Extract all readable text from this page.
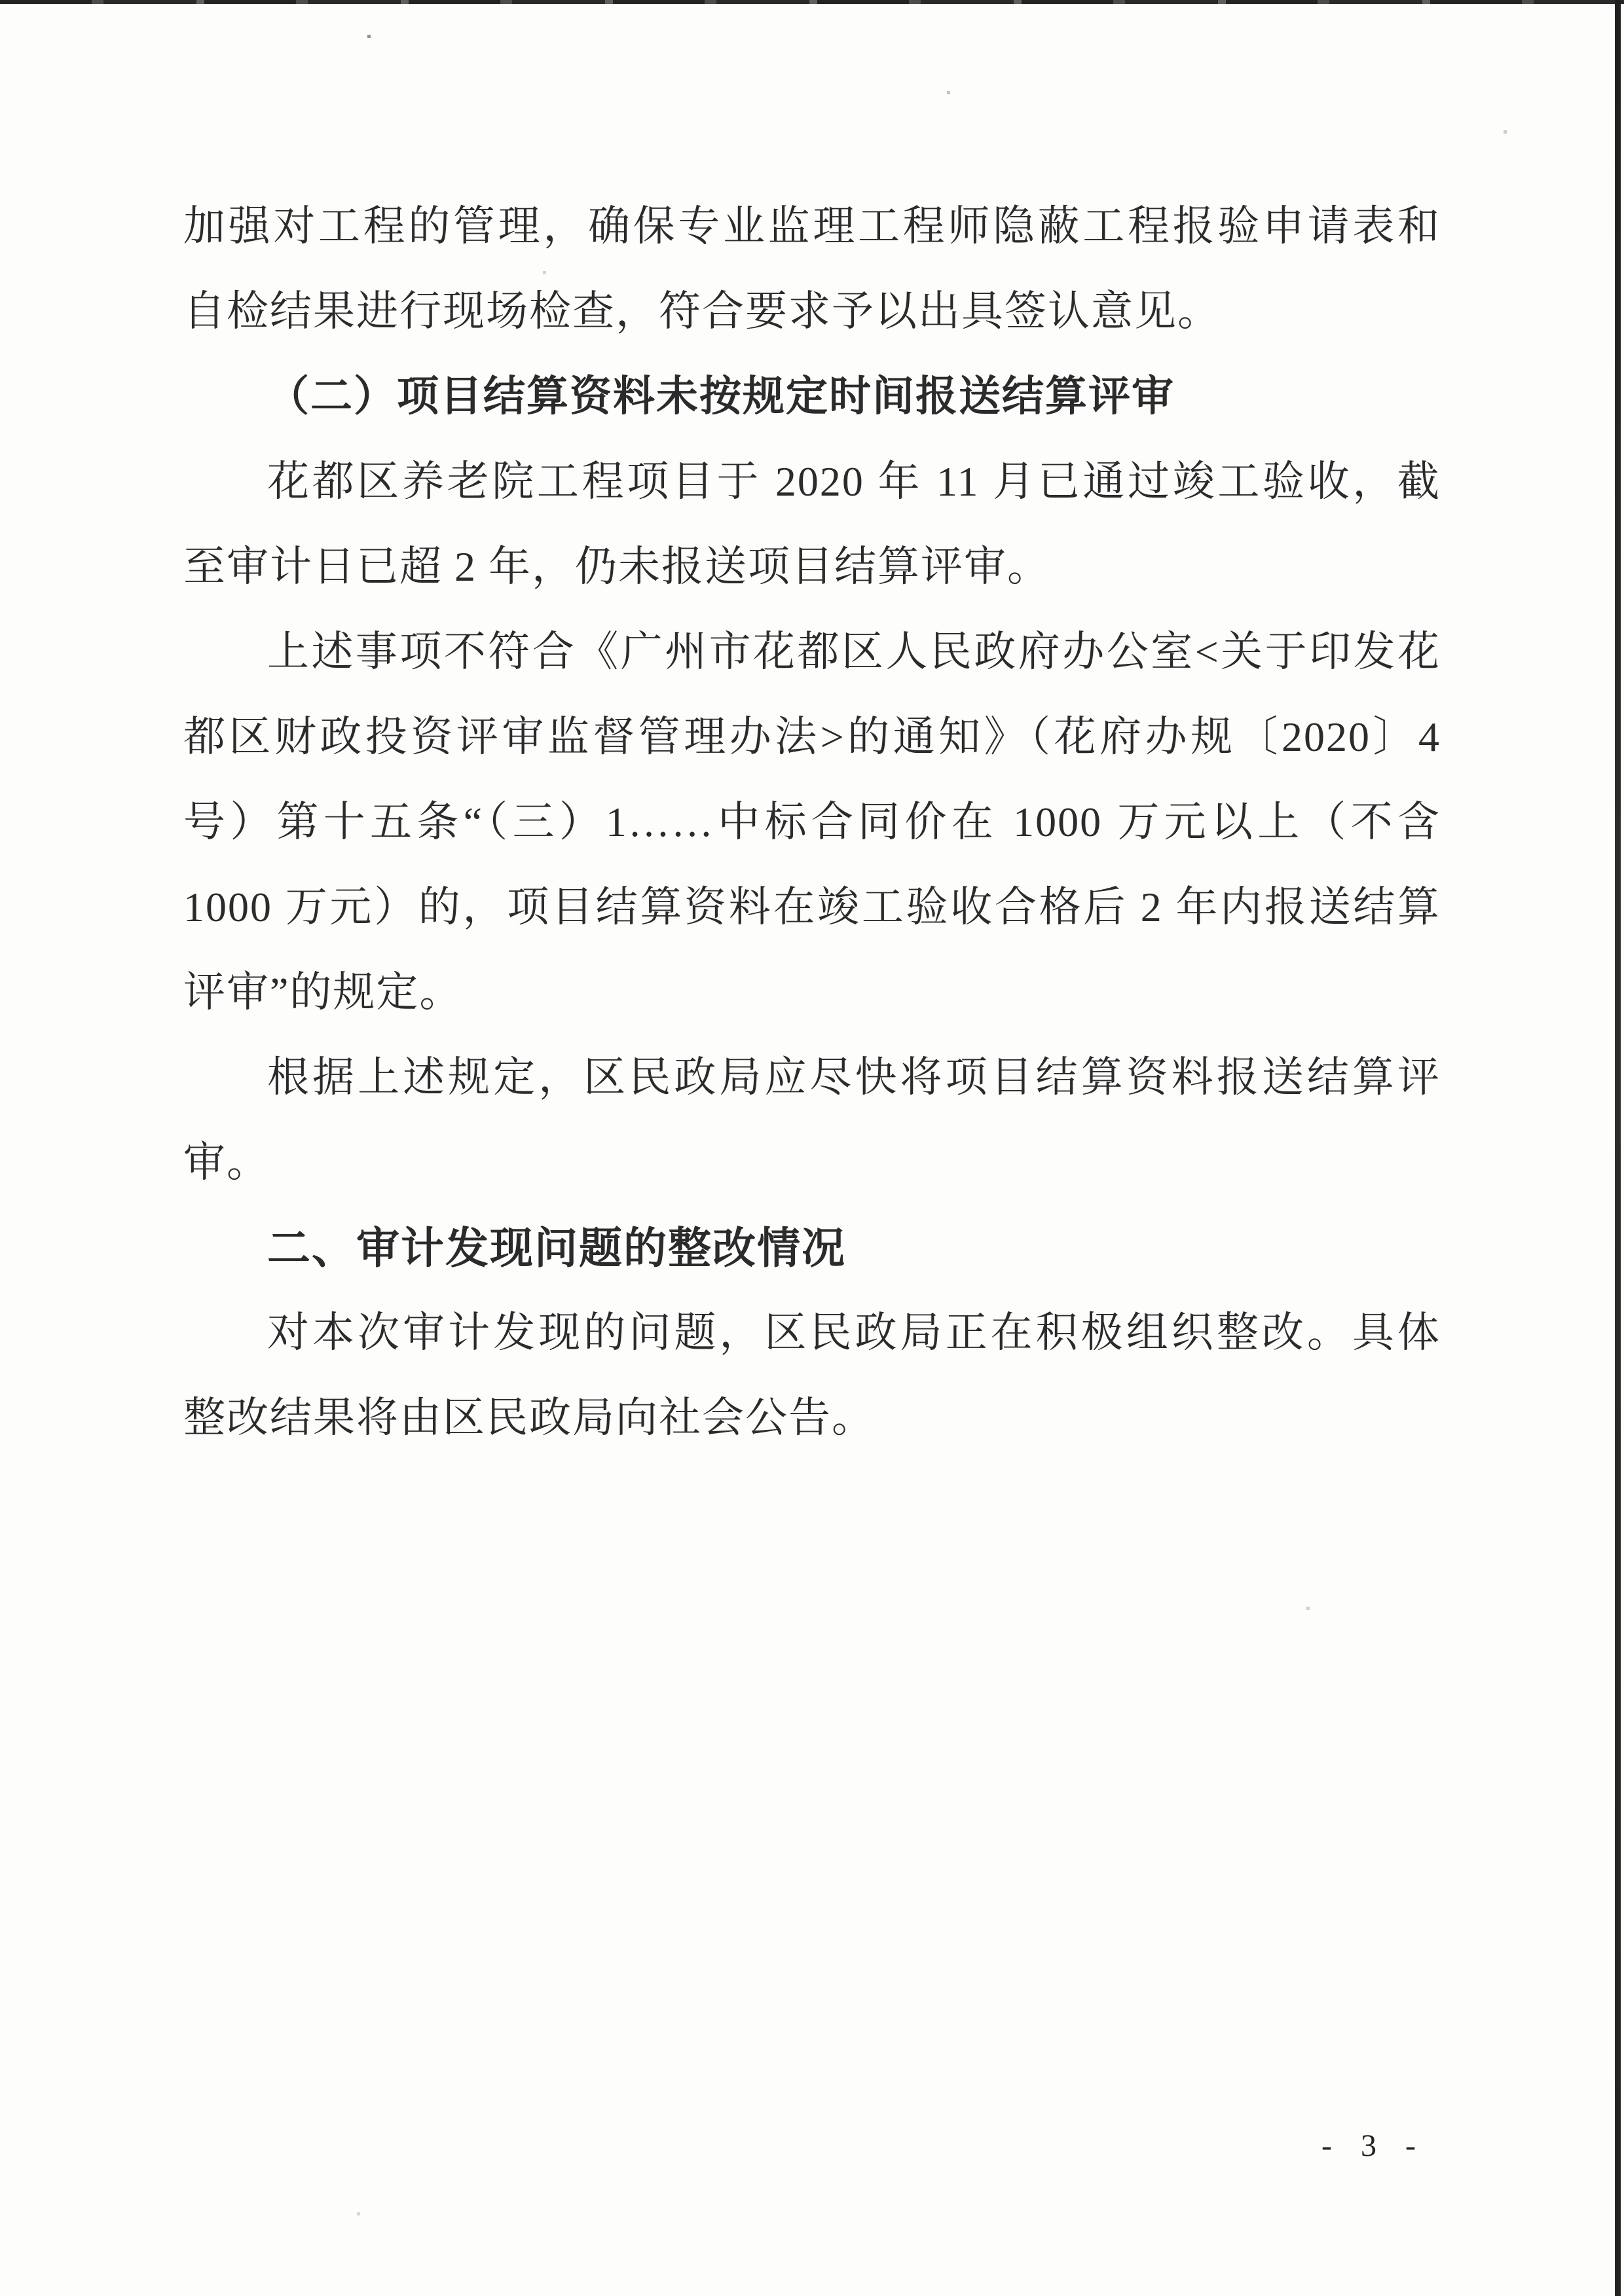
加强对工程的管理，确保专业监理工程师隐蔽工程报验申请表和

自检结果进行现场检查，符合要求予以出具签认意见。

（二）项目结算资料未按规定时间报送结算评审

花都区养老院工程项目于 2020 年 11 月已通过竣工验收，截

至审计日已超 2 年，仍未报送项目结算评审。

上述事项不符合《广州市花都区人民政府办公室<关于印发花

都区财政投资评审监督管理办法>的通知》（花府办规〔2020〕4

号）第十五条“（三）1……中标合同价在 1000 万元以上（不含

1000 万元）的，项目结算资料在竣工验收合格后 2 年内报送结算

评审”的规定。

根据上述规定，区民政局应尽快将项目结算资料报送结算评

审。

二、审计发现问题的整改情况

对本次审计发现的问题，区民政局正在积极组织整改。具体

整改结果将由区民政局向社会公告。

- 3 -
